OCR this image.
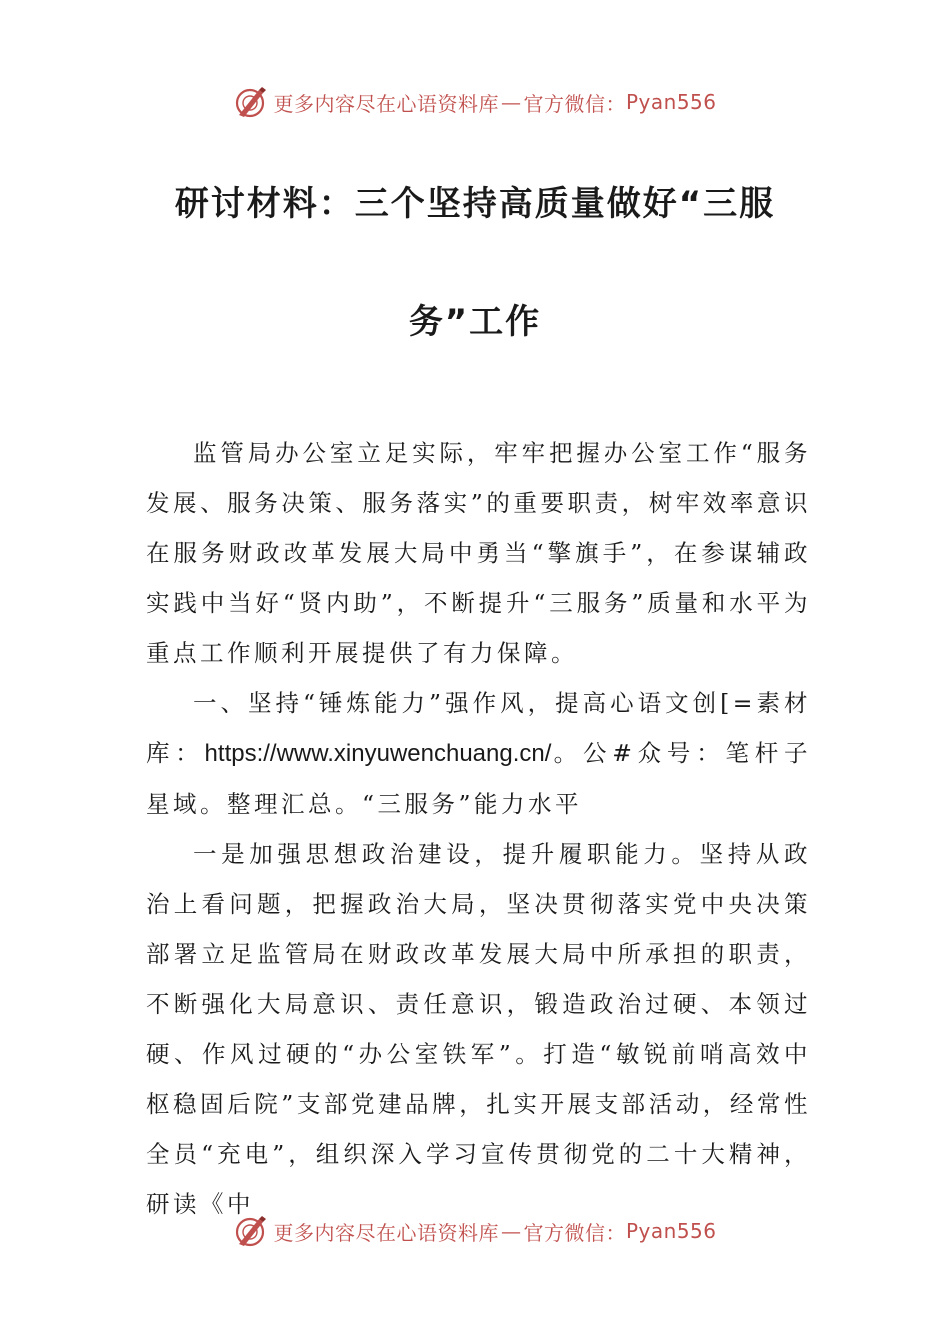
更多内容尽在心语资料库 — 官方微信： Pyan556
研讨材料：三个坚持高质量做好“三服
务”工作

监管局办公室立足实际，牢牢把握办公室工作“服务发展、服务决策、服务落实”的重要职责，树牢效率意识在服务财政改革发展大局中勇当“擎旗手”，在参谋辅政实践中当好“贤内助”，不断提升“三服务”质量和水平为重点工作顺利开展提供了有力保障。

一、坚持“锤炼能力”强作风，提高心语文创[=素材库：https://www.xinyuwenchuang.cn/。公#众号：笔杆子星域。整理汇总。“三服务”能力水平

一是加强思想政治建设，提升履职能力。坚持从政治上看问题，把握政治大局，坚决贯彻落实党中央决策部署立足监管局在财政改革发展大局中所承担的职责，不断强化大局意识、责任意识，锻造政治过硬、本领过硬、作风过硬的“办公室铁军”。打造“敏锐前哨高效中枢稳固后院”支部党建品牌，扎实开展支部活动，经常性全员“充电”，组织深入学习宣传贯彻党的二十大精神，研读《中

更多内容尽在心语资料库 — 官方微信： Pyan556
